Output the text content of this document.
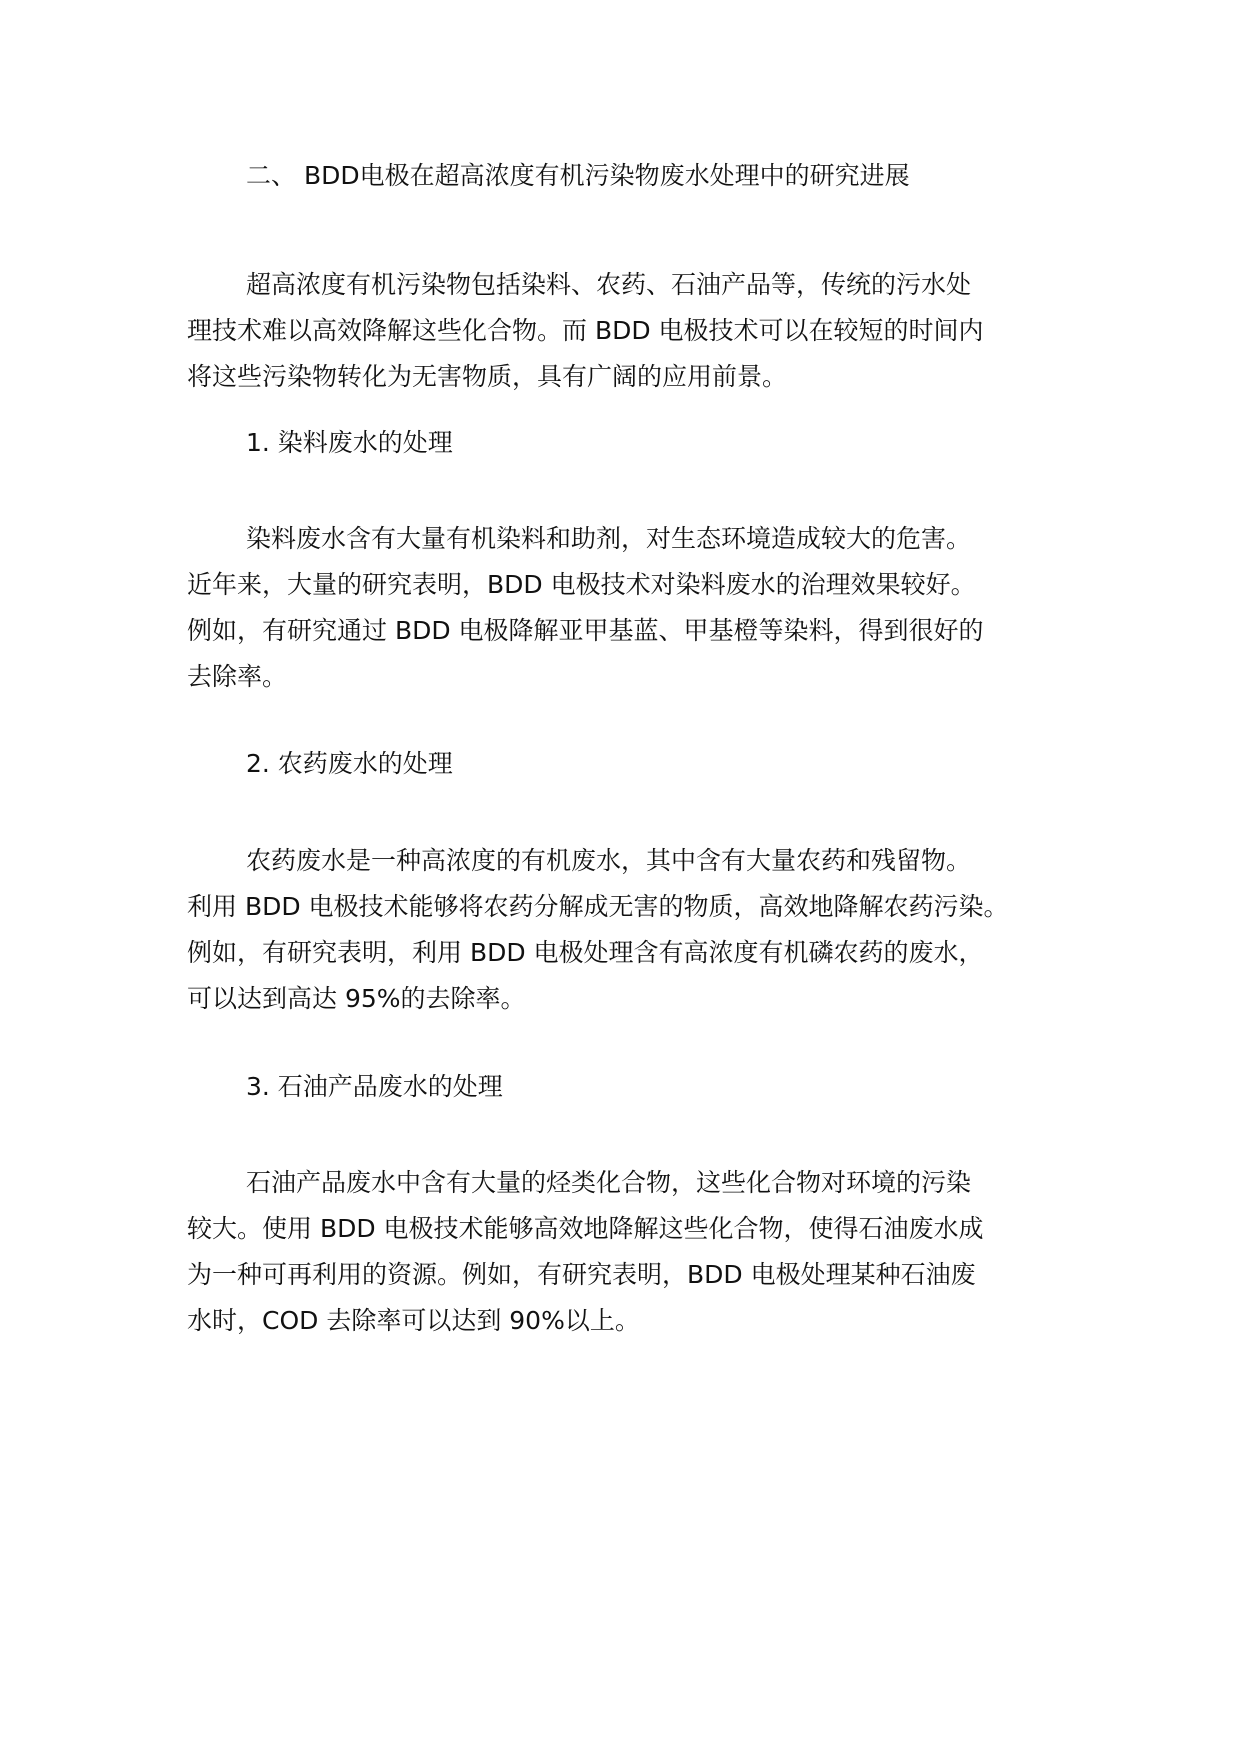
二、 BDD电极在超高浓度有机污染物废水处理中的研究进展
超高浓度有机污染物包括染料、农药、石油产品等，传统的污水处
理技术难以高效降解这些化合物。而 BDD 电极技术可以在较短的时间内
将这些污染物转化为无害物质，具有广阔的应用前景。
1. 染料废水的处理
染料废水含有大量有机染料和助剂，对生态环境造成较大的危害。
近年来，大量的研究表明，BDD 电极技术对染料废水的治理效果较好。
例如，有研究通过 BDD 电极降解亚甲基蓝、甲基橙等染料，得到很好的
去除率。
2. 农药废水的处理
农药废水是一种高浓度的有机废水，其中含有大量农药和残留物。
利用 BDD 电极技术能够将农药分解成无害的物质，高效地降解农药污染。
例如，有研究表明，利用 BDD 电极处理含有高浓度有机磷农药的废水，
可以达到高达 95%的去除率。
3. 石油产品废水的处理
石油产品废水中含有大量的烃类化合物，这些化合物对环境的污染
较大。使用 BDD 电极技术能够高效地降解这些化合物，使得石油废水成
为一种可再利用的资源。例如，有研究表明，BDD 电极处理某种石油废
水时，COD 去除率可以达到 90%以上。
